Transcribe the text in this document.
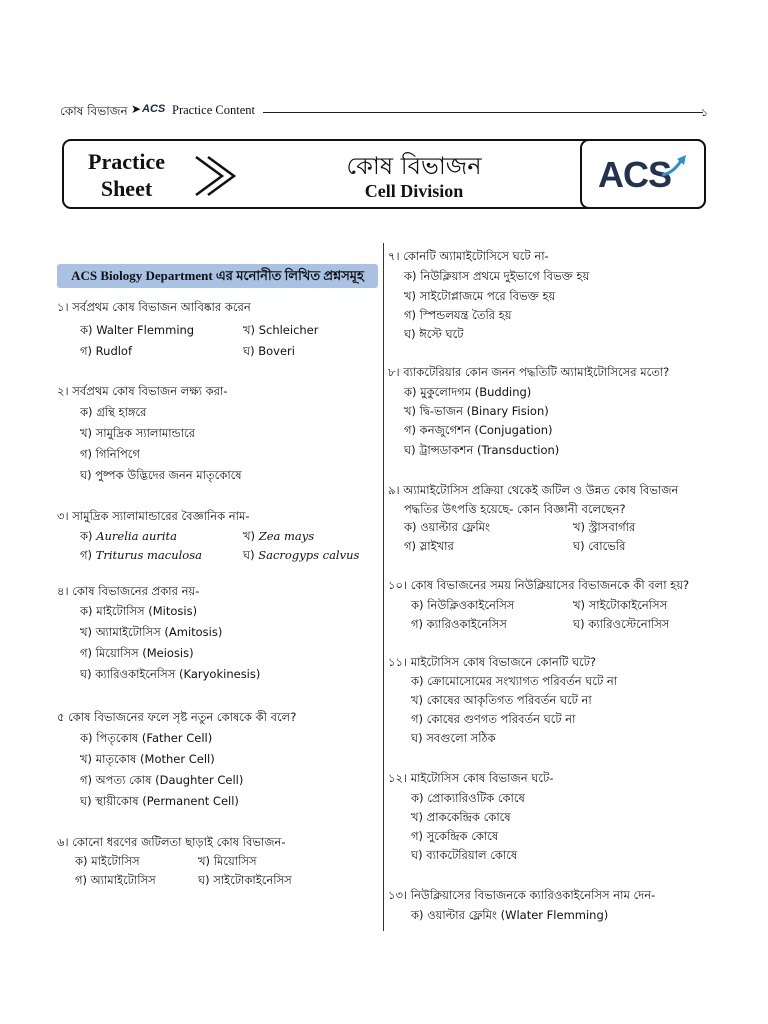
কোষ বিভাজন ➤ ACS Practice Content	১
Practice
Sheet
কোষ বিভাজন
Cell Division	ACS
ACS Biology Department এর মনোনীত লিখিত প্রশ্নসমূহ
১। সর্বপ্রথম কোষ বিভাজন আবিষ্কার করেন
ক) Walter Flemming	খ) Schleicher
গ) Rudlof	ঘ) Boveri
২। সর্বপ্রথম কোষ বিভাজন লক্ষ্য করা-
ক) গ্রন্থি হাঙ্গরে
খ) সামুদ্রিক স্যালামান্ডারে
গ) গিনিপিগে
ঘ) পুষ্পক উদ্ভিদের জনন মাতৃকোষে
৩। সামুদ্রিক স্যালামান্ডারের বৈজ্ঞানিক নাম-
ক) Aurelia aurita	খ) Zea mays
গ) Triturus maculosa	ঘ) Sacrogyps calvus
৪। কোষ বিভাজনের প্রকার নয়-
ক) মাইটোসিস (Mitosis)
খ) অ্যামাইটোসিস (Amitosis)
গ) মিয়োসিস (Meiosis)
ঘ) ক্যারিওকাইনেসিস (Karyokinesis)
৫ কোষ বিভাজনের ফলে সৃষ্ট নতুন কোষকে কী বলে?
ক) পিতৃকোষ (Father Cell)
খ) মাতৃকোষ (Mother Cell)
গ) অপত্য কোষ (Daughter Cell)
ঘ) স্থায়ীকোষ (Permanent Cell)
৬। কোনো ধরণের জটিলতা ছাড়াই কোষ বিভাজন-
ক) মাইটোসিস	খ) মিয়োসিস
গ) অ্যামাইটোসিস	ঘ) সাইটোকাইনেসিস
৭। কোনটি অ্যামাইটোসিসে ঘটে না-
ক) নিউক্লিয়াস প্রথমে দুইভাগে বিভক্ত হয়
খ) সাইটোপ্লাজমে পরে বিভক্ত হয়
গ) স্পিন্ডলযন্ত্র তৈরি হয়
ঘ) ঈস্টে ঘটে
৮। ব্যাকটেরিয়ার কোন জনন পদ্ধতিটি অ্যামাইটোসিসের মতো?
ক) মুকুলোদগম (Budding)
খ) দ্বি-ভাজন (Binary Fision)
গ) কনজুগেশন (Conjugation)
ঘ) ট্রান্সডাকশন (Transduction)
৯। অ্যামাইটোসিস প্রক্রিয়া থেকেই জটিল ও উন্নত কোষ বিভাজন
পদ্ধতির উৎপত্তি হয়েছে- কোন বিজ্ঞানী বলেছেন?
ক) ওয়াল্টার ফ্লেমিং	খ) স্ট্রাসবার্গার
গ) স্লাইখার	ঘ) বোভেরি
১০। কোষ বিভাজনের সময় নিউক্লিয়াসের বিভাজনকে কী বলা হয়?
ক) নিউক্লিওকাইনেসিস	খ) সাইটোকাইনেসিস
গ) ক্যারিওকাইনেসিস	ঘ) ক্যারিওস্টেনোসিস
১১। মাইটোসিস কোষ বিভাজনে কোনটি ঘটে?
ক) ক্রোমোসোমের সংখ্যাগত পরিবর্তন ঘটে না
খ) কোষের আকৃতিগত পরিবর্তন ঘটে না
গ) কোষের গুণগত পরিবর্তন ঘটে না
ঘ) সবগুলো সঠিক
১২। মাইটোসিস কোষ বিভাজন ঘটে-
ক) প্রোক্যারিওটিক কোষে
খ) প্রাককেন্দ্রিক কোষে
গ) সুকেন্দ্রিক কোষে
ঘ) ব্যাকটেরিয়াল কোষে
১৩। নিউক্লিয়াসের বিভাজনকে ক্যারিওকাইনেসিস নাম দেন-
ক) ওয়াল্টার ফ্লেমিং (Wlater Flemming)
